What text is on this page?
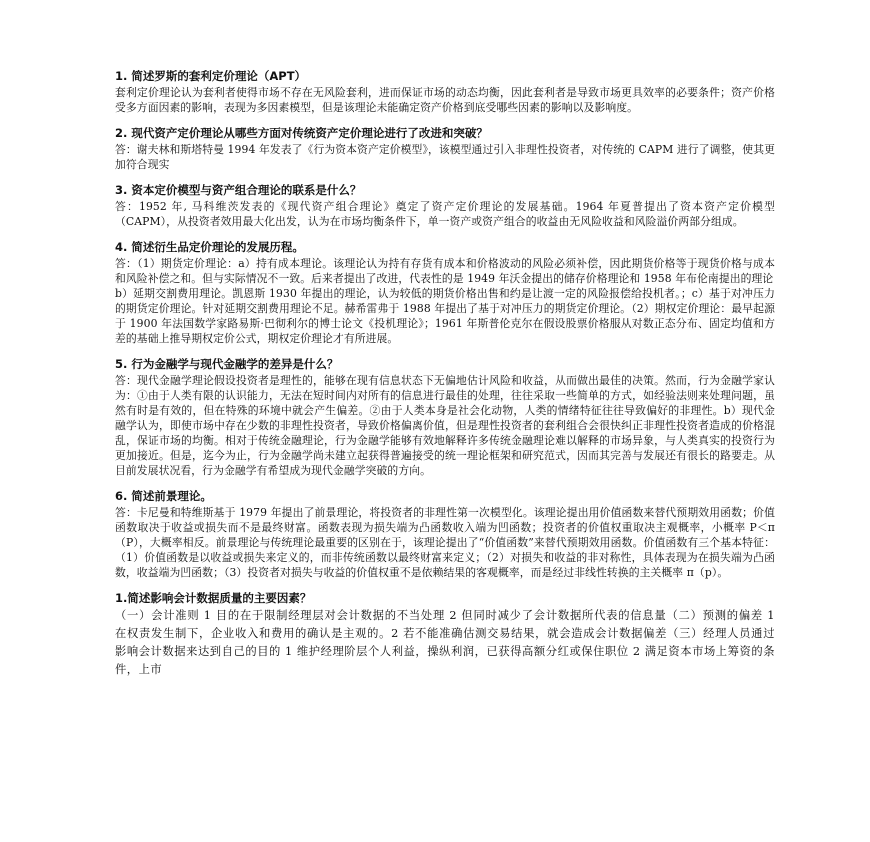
1. 简述罗斯的套利定价理论（APT）

套利定价理论认为套利者使得市场不存在无风险套利，进而保证市场的动态均衡，因此套利者是导致市场更具效率的必要条件；资产价格受多方面因素的影响，表现为多因素模型，但是该理论未能确定资产价格到底受哪些因素的影响以及影响度。

2. 现代资产定价理论从哪些方面对传统资产定价理论进行了改进和突破？

答：谢夫林和斯塔特曼 1994 年发表了《行为资本资产定价模型》，该模型通过引入非理性投资者，对传统的 CAPM 进行了调整，使其更加符合现实

3. 资本定价模型与资产组合理论的联系是什么？

答：1952 年, 马科维茨发表的《现代资产组合理论》奠定了资产定价理论的发展基础。1964 年夏普提出了资本资产定价模型（CAPM），从投资者效用最大化出发，认为在市场均衡条件下，单一资产或资产组合的收益由无风险收益和风险溢价两部分组成。

4. 简述衍生品定价理论的发展历程。

答：（1）期货定价理论：a）持有成本理论。该理论认为持有存货有成本和价格波动的风险必须补偿，因此期货价格等于现货价格与成本和风险补偿之和。但与实际情况不一致。后来者提出了改进，代表性的是 1949 年沃金提出的储存价格理论和 1958 年布伦南提出的理论

b）延期交割费用理论。凯恩斯 1930 年提出的理论，认为较低的期货价格出售和约是让渡一定的风险报偿给投机者。；c）基于对冲压力的期货定价理论。针对延期交割费用理论不足。赫希雷弗于 1988 年提出了基于对冲压力的期货定价理论。（2）期权定价理论：最早起源于 1900 年法国数学家路易斯·巴彻利尔的博士论文《投机理论》；1961 年斯普伦克尔在假设股票价格服从对数正态分布、固定均值和方差的基础上推导期权定价公式，期权定价理论才有所进展。

5. 行为金融学与现代金融学的差异是什么？

答：现代金融学理论假设投资者是理性的，能够在现有信息状态下无偏地估计风险和收益，从而做出最佳的决策。然而，行为金融学家认为：①由于人类有限的认识能力，无法在短时间内对所有的信息进行最佳的处理，往往采取一些简单的方式，如经验法则来处理问题，虽然有时是有效的，但在特殊的环境中就会产生偏差。②由于人类本身是社会化动物，人类的情绪特征往往导致偏好的非理性。b）现代金融学认为，即使市场中存在少数的非理性投资者，导致价格偏离价值，但是理性投资者的套利组合会很快纠正非理性投资者造成的价格混乱，保证市场的均衡。相对于传统金融理论，行为金融学能够有效地解释许多传统金融理论难以解释的市场异象，与人类真实的投资行为更加接近。但是，迄今为止，行为金融学尚未建立起获得普遍接受的统一理论框架和研究范式，因而其完善与发展还有很长的路要走。从目前发展状况看，行为金融学有希望成为现代金融学突破的方向。

6. 简述前景理论。

答：卡尼曼和特维斯基于 1979 年提出了前景理论，将投资者的非理性第一次模型化。该理论提出用价值函数来替代预期效用函数；价值函数取决于收益或损失而不是最终财富。函数表现为损失端为凸函数收入端为凹函数；投资者的价值权重取决主观概率，小概率 P＜π（P），大概率相反。前景理论与传统理论最重要的区别在于，该理论提出了“价值函数”来替代预期效用函数。价值函数有三个基本特征：（1）价值函数是以收益或损失来定义的，而非传统函数以最终财富来定义；（2）对损失和收益的非对称性，具体表现为在损失端为凸函数，收益端为凹函数；（3）投资者对损失与收益的价值权重不是依赖结果的客观概率，而是经过非线性转换的主关概率 π（p）。

1.简述影响会计数据质量的主要因素？

（一）会计准则 1 目的在于限制经理层对会计数据的不当处理 2 但同时减少了会计数据所代表的信息量（二）预测的偏差 1 在权责发生制下，企业收入和费用的确认是主观的。2 若不能准确估测交易结果，就会造成会计数据偏差（三）经理人员通过影响会计数据来达到自己的目的 1 维护经理阶层个人利益，操纵利润，已获得高额分红或保住职位 2 满足资本市场上筹资的条件，上市
